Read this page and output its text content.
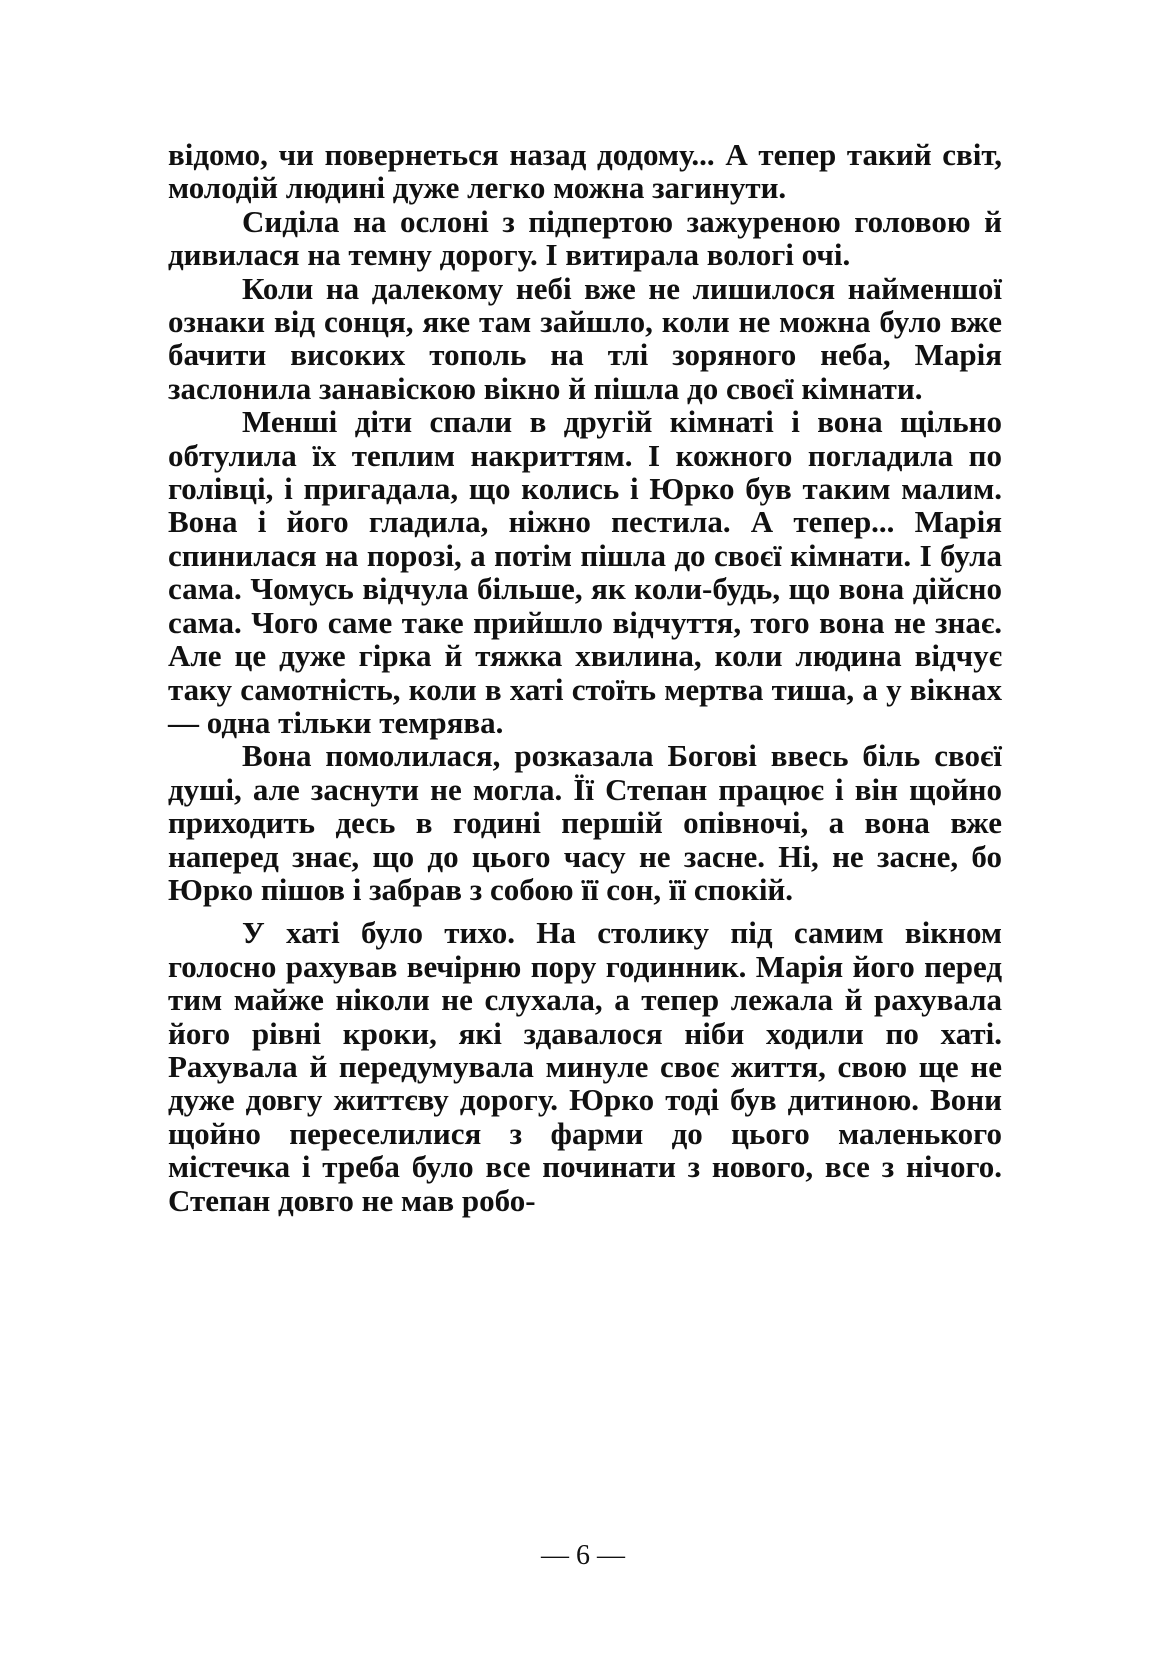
відомо, чи повернеться назад додому... А тепер такий світ, молодій людині дуже легко можна загинути.

Сиділа на ослоні з підпертою зажуреною головою й дивилася на темну дорогу. І витирала вологі очі.

Коли на далекому небі вже не лишилося найменшої ознаки від сонця, яке там зайшло, коли не можна було вже бачити високих тополь на тлі зоряного неба, Марія заслонила занавіскою вікно й пішла до своєї кімнати.

Менші діти спали в другій кімнаті і вона щільно обтулила їх теплим накриттям. І кожного погладила по голівці, і пригадала, що колись і Юрко був таким малим. Вона і його гладила, ніжно пестила. А тепер... Марія спинилася на порозі, а потім пішла до своєї кімнати. І була сама. Чомусь відчула більше, як коли-будь, що вона дійсно сама. Чого саме таке прийшло відчуття, того вона не знає. Але це дуже гірка й тяжка хвилина, коли людина відчує таку самотність, коли в хаті стоїть мертва тиша, а у вікнах — одна тільки темрява.

Вона помолилася, розказала Богові ввесь біль своєї душі, але заснути не могла. Її Степан працює і він щойно приходить десь в годині першій опівночі, а вона вже наперед знає, що до цього часу не засне. Ні, не засне, бо Юрко пішов і забрав з собою її сон, її спокій.

У хаті було тихо. На столику під самим вікном голосно рахував вечірню пору годинник. Марія його перед тим майже ніколи не слухала, а тепер лежала й рахувала його рівні кроки, які здавалося ніби ходили по хаті. Рахувала й передумувала минуле своє життя, свою ще не дуже довгу життєву дорогу. Юрко тоді був дитиною. Вони щойно переселилися з фарми до цього маленького містечка і треба було все починати з нового, все з нічого. Степан довго не мав робо-

— 6 —
